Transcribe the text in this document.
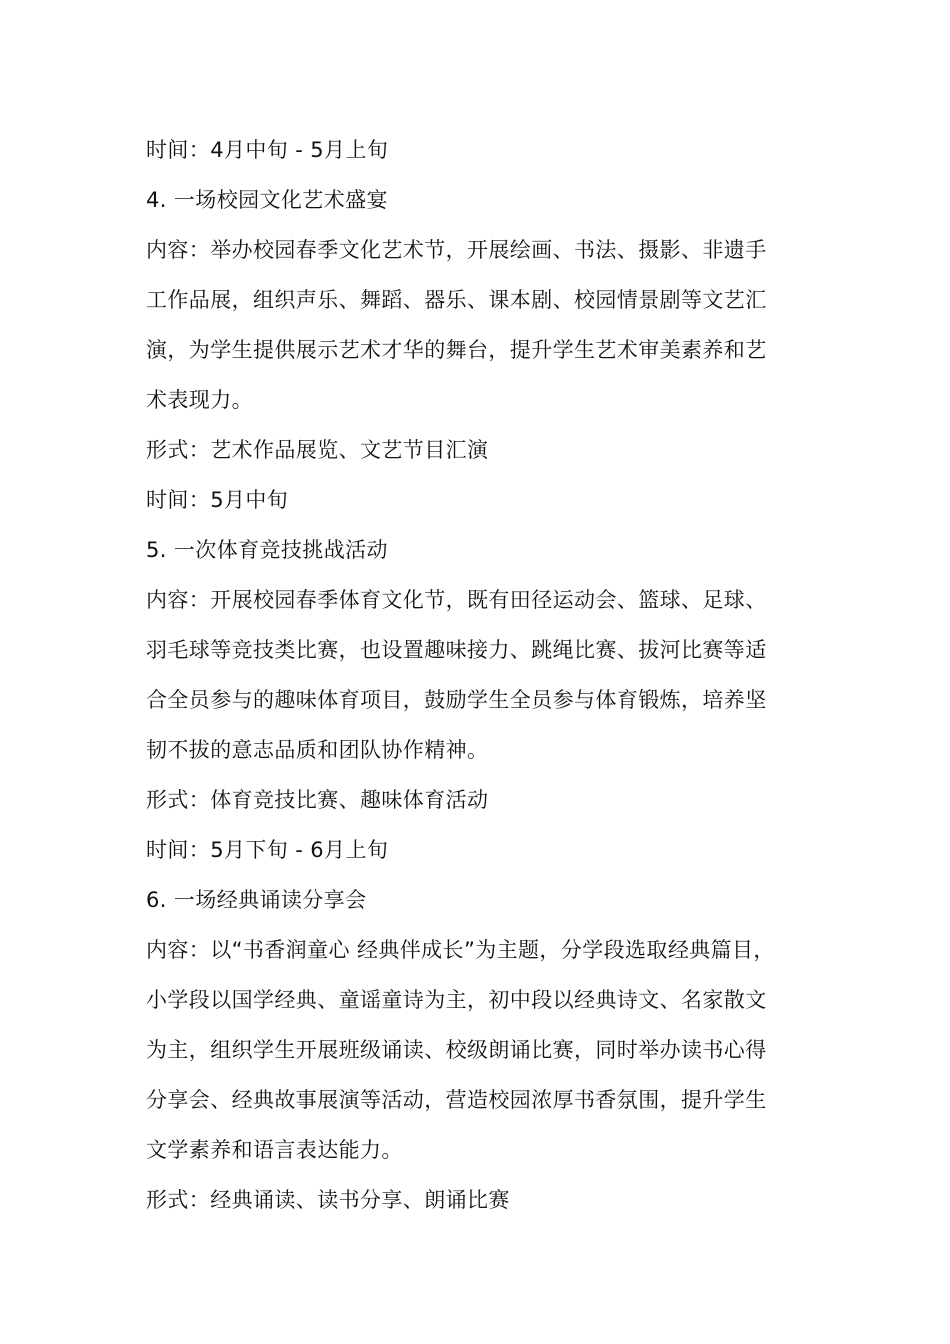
时间：4月中旬 - 5月上旬
4. 一场校园文化艺术盛宴
内容：举办校园春季文化艺术节，开展绘画、书法、摄影、非遗手
工作品展，组织声乐、舞蹈、器乐、课本剧、校园情景剧等文艺汇
演，为学生提供展示艺术才华的舞台，提升学生艺术审美素养和艺
术表现力。
形式：艺术作品展览、文艺节目汇演
时间：5月中旬
5. 一次体育竞技挑战活动
内容：开展校园春季体育文化节，既有田径运动会、篮球、足球、
羽毛球等竞技类比赛，也设置趣味接力、跳绳比赛、拔河比赛等适
合全员参与的趣味体育项目，鼓励学生全员参与体育锻炼，培养坚
韧不拔的意志品质和团队协作精神。
形式：体育竞技比赛、趣味体育活动
时间：5月下旬 - 6月上旬
6. 一场经典诵读分享会
内容：以“书香润童心 经典伴成长”为主题，分学段选取经典篇目，
小学段以国学经典、童谣童诗为主，初中段以经典诗文、名家散文
为主，组织学生开展班级诵读、校级朗诵比赛，同时举办读书心得
分享会、经典故事展演等活动，营造校园浓厚书香氛围，提升学生
文学素养和语言表达能力。
形式：经典诵读、读书分享、朗诵比赛
